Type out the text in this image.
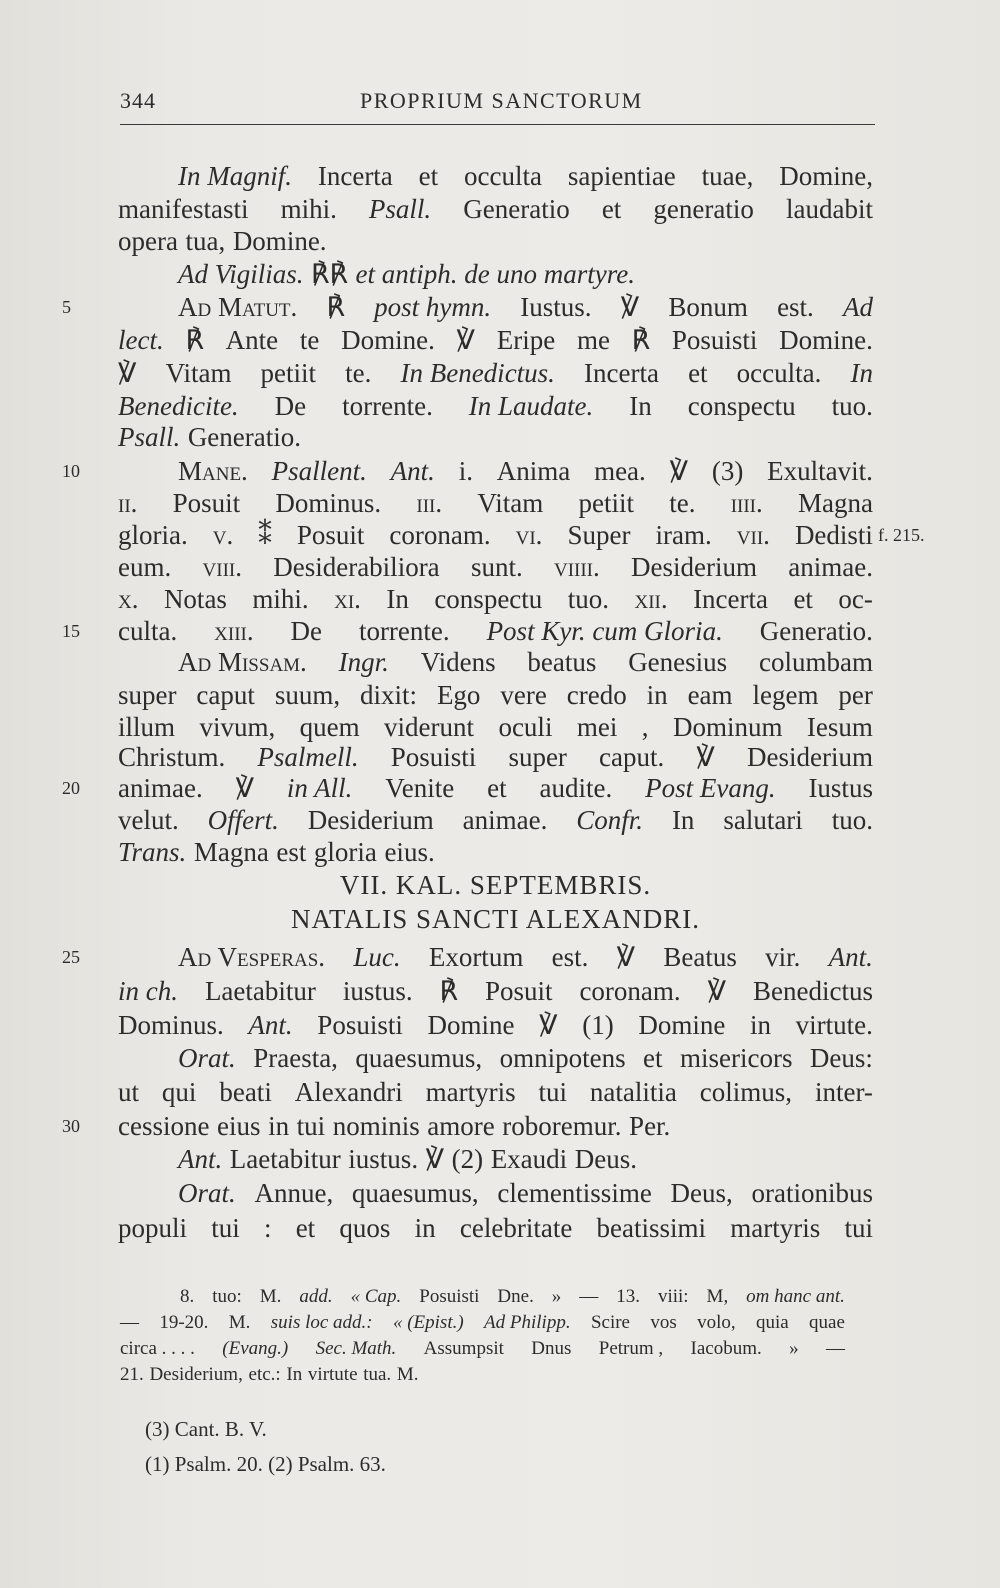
344	PROPRIUM SANCTORUM
In Magnif. Incerta et occulta sapientiae tuae, Domine,
manifestasti mihi. Psall. Generatio et generatio laudabit
opera tua, Domine.
Ad Vigilias. ℟℟ et antiph. de uno martyre.
Ad Matut. ℟ post hymn. Iustus. ℣ Bonum est. Ad
5
lect. ℟ Ante te Domine. ℣ Eripe me ℟ Posuisti Domine.
℣ Vitam petiit te. In Benedictus. Incerta et occulta. In
Benedicite. De torrente. In Laudate. In conspectu tuo.
Psall. Generatio.
Mane. Psallent. Ant. i. Anima mea. ℣ (3) Exultavit.
10
ii. Posuit Dominus. iii. Vitam petiit te. iiii. Magna
gloria. v. ⁑ Posuit coronam. vi. Super iram. vii. Dedisti f. 215.
eum. viii. Desiderabiliora sunt. viiii. Desiderium animae.
x. Notas mihi. xi. In conspectu tuo. xii. Incerta et oc-
culta. xiii. De torrente. Post Kyr. cum Gloria. Generatio.
15
Ad Missam. Ingr. Videns beatus Genesius columbam
super caput suum, dixit: Ego vere credo in eam legem per
illum vivum, quem viderunt oculi mei , Dominum Iesum
Christum. Psalmell. Posuisti super caput. ℣ Desiderium
animae. ℣ in All. Venite et audite. Post Evang. Iustus
20
velut. Offert. Desiderium animae. Confr. In salutari tuo.
Trans. Magna est gloria eius.
VII. KAL. SEPTEMBRIS.
NATALIS SANCTI ALEXANDRI.
Ad Vesperas. Luc. Exortum est. ℣ Beatus vir. Ant.
25
in ch. Laetabitur iustus. ℟ Posuit coronam. ℣ Benedictus
Dominus. Ant. Posuisti Domine ℣ (1) Domine in virtute.
Orat. Praesta, quaesumus, omnipotens et misericors Deus:
ut qui beati Alexandri martyris tui natalitia colimus, inter-
cessione eius in tui nominis amore roboremur. Per.
30
Ant. Laetabitur iustus. ℣ (2) Exaudi Deus.
Orat. Annue, quaesumus, clementissime Deus, orationibus
populi tui : et quos in celebritate beatissimi martyris tui
8. tuo: M. add. « Cap. Posuisti Dne. » — 13. viii: M, om hanc ant.
— 19-20. M. suis loc add.: « (Epist.) Ad Philipp. Scire vos volo, quia quae
circa . . . . (Evang.) Sec. Math. Assumpsit Dnus Petrum , Iacobum. » —
21. Desiderium, etc.: In virtute tua. M.
(3) Cant. B. V.
(1) Psalm. 20. (2) Psalm. 63.
